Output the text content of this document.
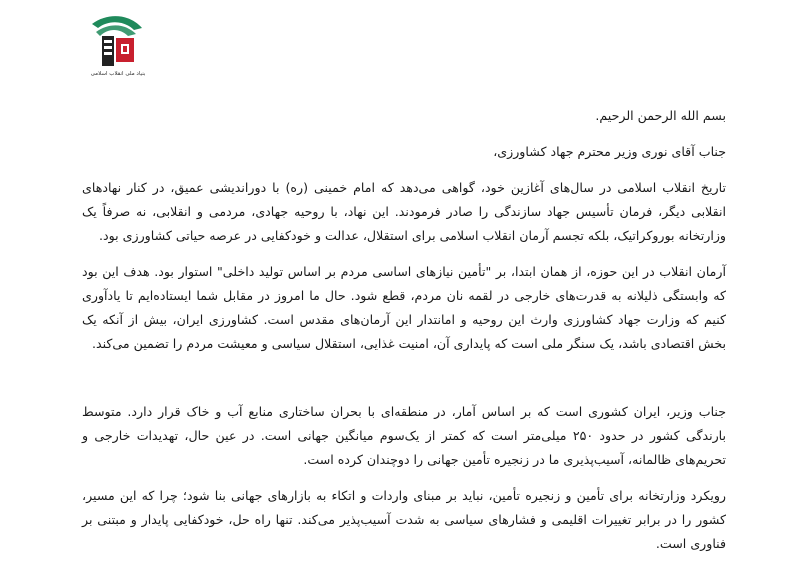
بنیاد ملی انقلاب اسلامی

بسم الله الرحمن الرحیم.

جناب آقای نوری وزیر محترم جهاد کشاورزی،

تاریخ انقلاب اسلامی در سال‌های آغازین خود، گواهی می‌دهد که امام خمینی (ره) با دوراندیشی عمیق، در کنار نهادهای انقلابی دیگر، فرمان تأسیس جهاد سازندگی را صادر فرمودند. این نهاد، با روحیه جهادی، مردمی و انقلابی، نه صرفاً یک وزارتخانه بوروکراتیک، بلکه تجسم آرمان انقلاب اسلامی برای استقلال، عدالت و خودکفایی در عرصه حیاتی کشاورزی بود.

آرمان انقلاب در این حوزه، از همان ابتدا، بر "تأمین نیازهای اساسی مردم بر اساس تولید داخلی" استوار بود. هدف این بود که وابستگی ذلیلانه به قدرت‌های خارجی در لقمه نان مردم، قطع شود. حال ما امروز در مقابل شما ایستاده‌ایم تا یادآوری کنیم که وزارت جهاد کشاورزی وارث این روحیه و امانتدار این آرمان‌های مقدس است. کشاورزی ایران، بیش از آنکه یک بخش اقتصادی باشد، یک سنگر ملی است که پایداری آن، امنیت غذایی، استقلال سیاسی و معیشت مردم را تضمین می‌کند.

جناب وزیر، ایران کشوری است که بر اساس آمار، در منطقه‌ای با بحران ساختاری منابع آب و خاک قرار دارد. متوسط بارندگی کشور در حدود ۲۵۰ میلی‌متر است که کمتر از یک‌سوم میانگین جهانی است. در عین حال، تهدیدات خارجی و تحریم‌های ظالمانه، آسیب‌پذیری ما در زنجیره تأمین جهانی را دوچندان کرده است.

رویکرد وزارتخانه برای تأمین و زنجیره تأمین، نباید بر مبنای واردات و اتکاء به بازارهای جهانی بنا شود؛ چرا که این مسیر، کشور را در برابر تغییرات اقلیمی و فشارهای سیاسی به شدت آسیب‌پذیر می‌کند. تنها راه حل، خودکفایی پایدار و مبتنی بر فناوری است.
